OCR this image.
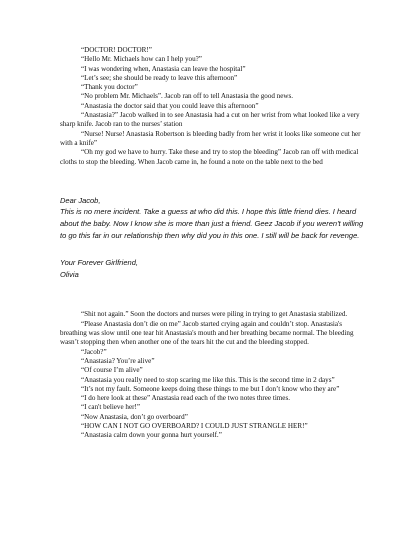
“DOCTOR! DOCTOR!”

“Hello Mr. Michaels how can I help you?”

“I was wondering when, Anastasia can leave the hospital”

“Let’s see; she should be ready to leave this afternoon”

“Thank you doctor”

“No problem Mr. Michaels”. Jacob ran off to tell Anastasia the good news.

“Anastasia the doctor said that you could leave this afternoon”

“Anastasia?” Jacob walked in to see Anastasia had a cut on her wrist from what looked like a very sharp knife. Jacob ran to the nurses’ station

“Nurse! Nurse! Anastasia Robertson is bleeding badly from her wrist it looks like someone cut her with a knife”

“Oh my god we have to hurry. Take these and try to stop the bleeding” Jacob ran off with medical cloths to stop the bleeding. When Jacob came in, he found a note on the table next to the bed

Dear Jacob,

This is no mere incident. Take a guess at who did this. I hope this little friend dies. I heard about the baby. Now I know she is more than just a friend. Geez Jacob if you weren't willing to go this far in our relationship then why did you in this one. I still will be back for revenge.

Your Forever Girlfriend,

Olivia

“Shit not again.” Soon the doctors and nurses were piling in trying to get Anastasia stabilized.

“Please Anastasia don’t die on me” Jacob started crying again and couldn’t stop. Anastasia's breathing was slow until one tear hit Anastasia's mouth and her breathing became normal. The bleeding wasn’t stopping then when another one of the tears hit the cut and the bleeding stopped.

“Jacob?”

“Anastasia? You’re alive”

“Of course I’m alive”

“Anastasia you really need to stop scaring me like this. This is the second time in 2 days”

“It’s not my fault. Someone keeps doing these things to me but I don’t know who they are”

“I do here look at these” Anastasia read each of the two notes three times.

“I can't believe her!”

“Now Anastasia, don’t go overboard”

“HOW CAN I NOT GO OVERBOARD? I COULD JUST STRANGLE HER!”

“Anastasia calm down your gonna hurt yourself.”
